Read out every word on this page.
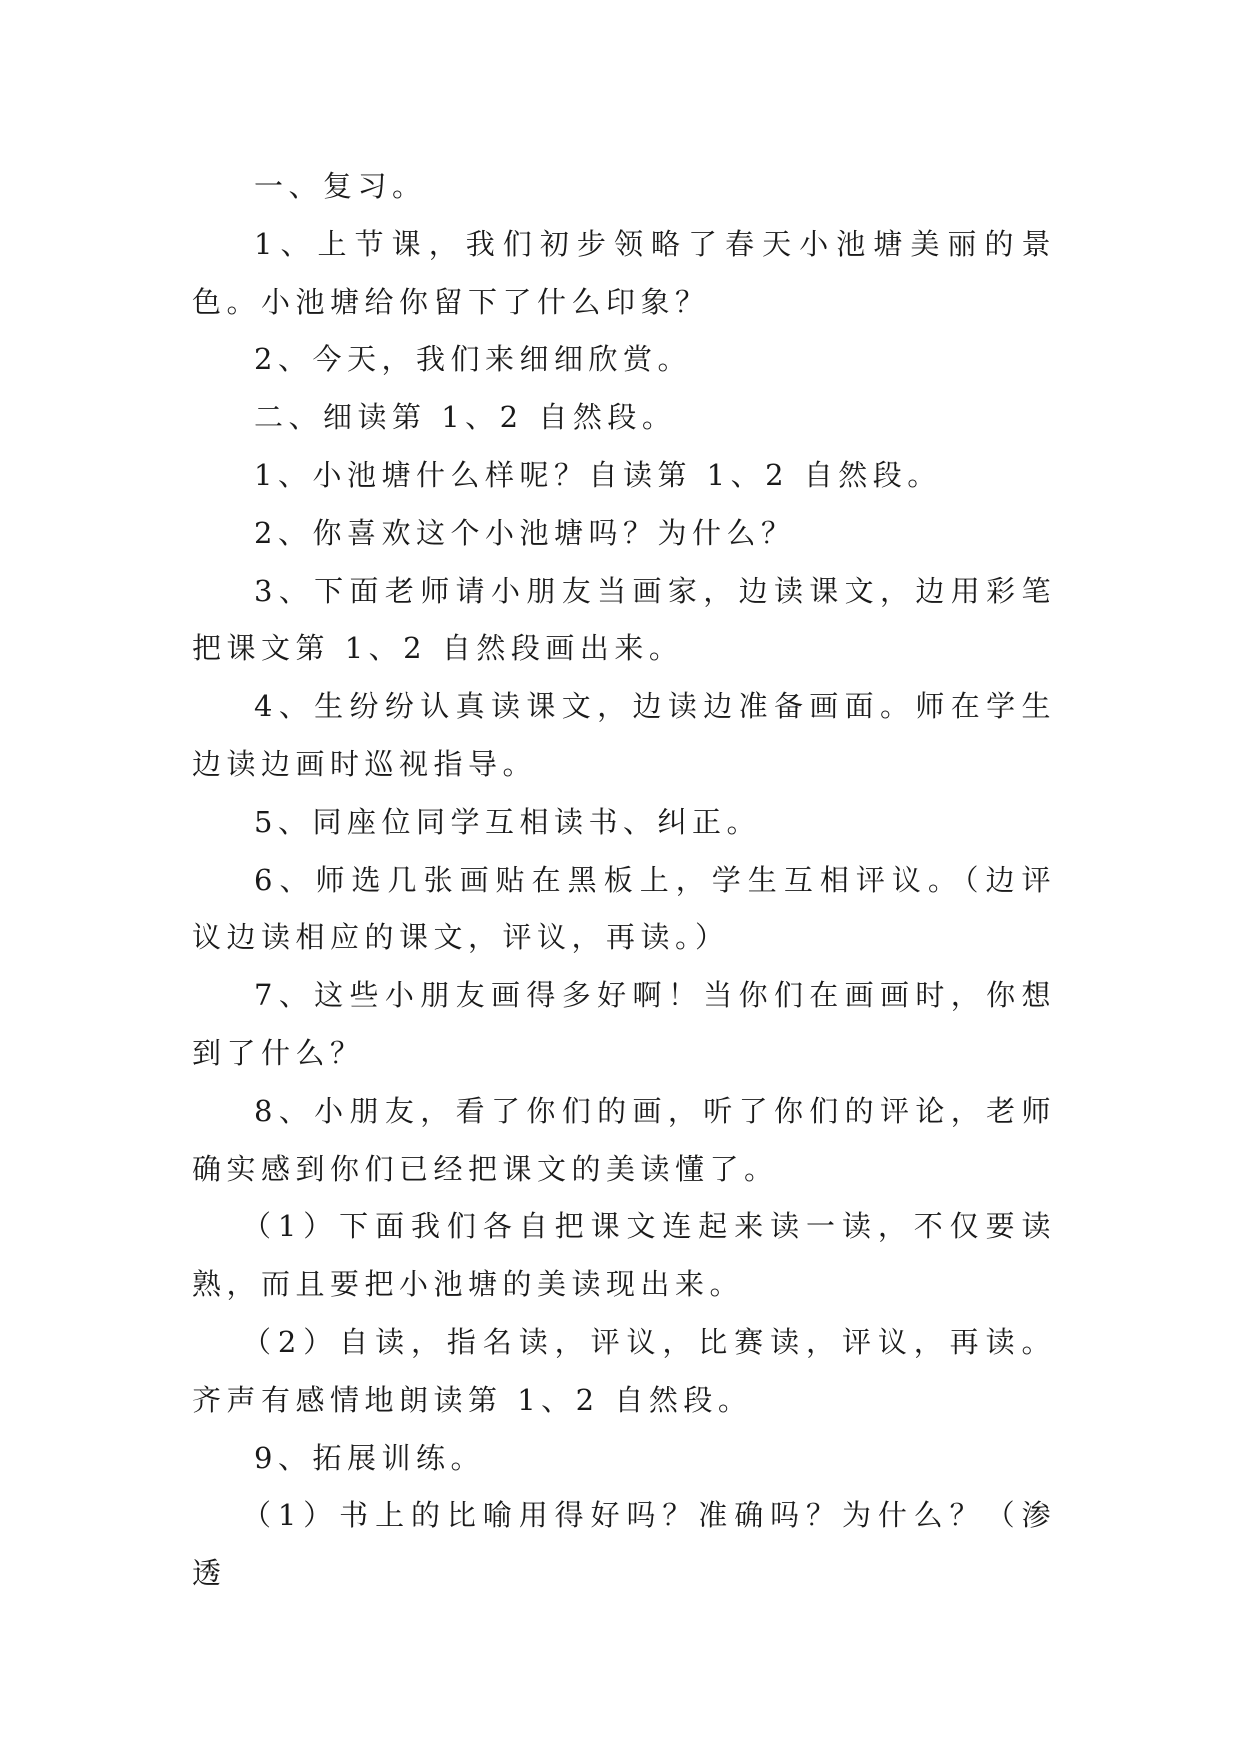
一、复习。

1、上节课，我们初步领略了春天小池塘美丽的景色。小池塘给你留下了什么印象？

2、今天，我们来细细欣赏。

二、细读第 1、2 自然段。

1、小池塘什么样呢？自读第 1、2 自然段。

2、你喜欢这个小池塘吗？为什么？

3、下面老师请小朋友当画家，边读课文，边用彩笔把课文第 1、2 自然段画出来。

4、生纷纷认真读课文，边读边准备画面。师在学生边读边画时巡视指导。

5、同座位同学互相读书、纠正。

6、师选几张画贴在黑板上，学生互相评议。（边评议边读相应的课文，评议，再读。）

7、这些小朋友画得多好啊！当你们在画画时，你想到了什么？

8、小朋友，看了你们的画，听了你们的评论，老师确实感到你们已经把课文的美读懂了。

（1）下面我们各自把课文连起来读一读，不仅要读熟，而且要把小池塘的美读现出来。

（2）自读，指名读，评议，比赛读，评议，再读。齐声有感情地朗读第 1、2 自然段。

9、拓展训练。

（1）书上的比喻用得好吗？准确吗？为什么？（渗透
